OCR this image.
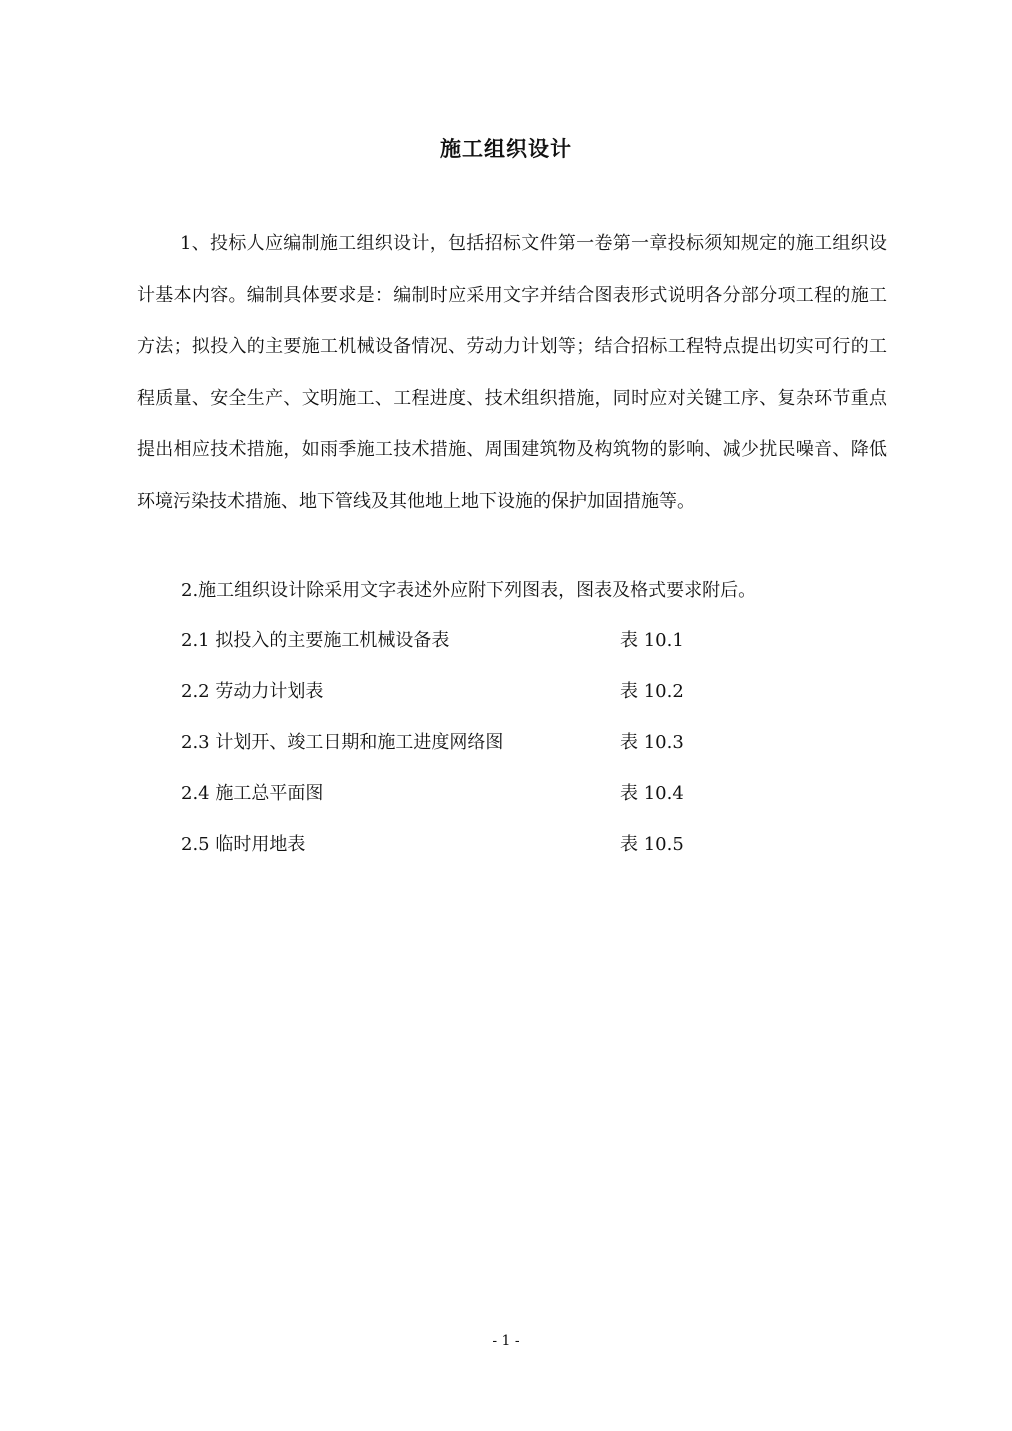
施工组织设计

1、投标人应编制施工组织设计，包括招标文件第一卷第一章投标须知规定的施工组织设计基本内容。编制具体要求是：编制时应采用文字并结合图表形式说明各分部分项工程的施工方法；拟投入的主要施工机械设备情况、劳动力计划等；结合招标工程特点提出切实可行的工程质量、安全生产、文明施工、工程进度、技术组织措施，同时应对关键工序、复杂环节重点提出相应技术措施，如雨季施工技术措施、周围建筑物及构筑物的影响、减少扰民噪音、降低环境污染技术措施、地下管线及其他地上地下设施的保护加固措施等。

2.施工组织设计除采用文字表述外应附下列图表，图表及格式要求附后。
2.1 拟投入的主要施工机械设备表	表 10.1
2.2 劳动力计划表	表 10.2
2.3 计划开、竣工日期和施工进度网络图	表 10.3
2.4 施工总平面图	表 10.4
2.5 临时用地表	表 10.5
- 1 -
